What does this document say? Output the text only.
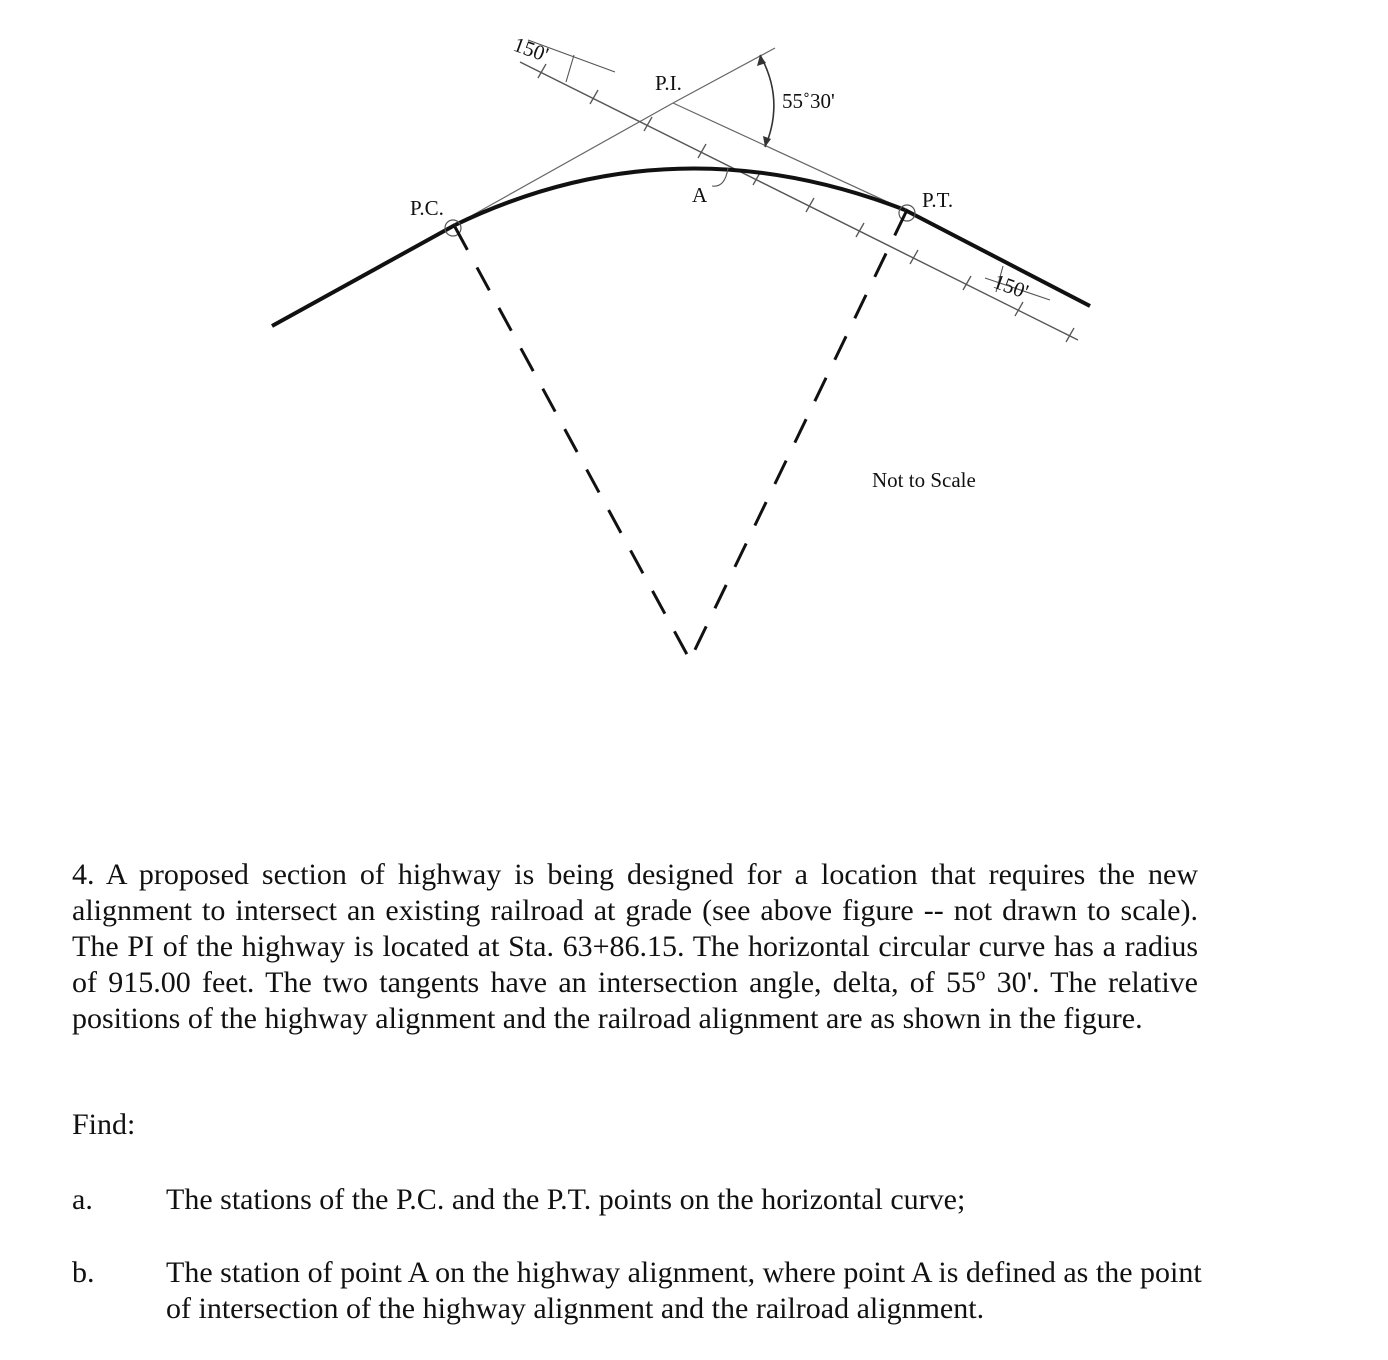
P.I.
P.C.	P.T.
A
55˚30'
150'
150'
Not to Scale

4. A proposed section of highway is being designed for a location that requires the new alignment to intersect an existing railroad at grade (see above figure -- not drawn to scale). The PI of the highway is located at Sta. 63+86.15. The horizontal circular curve has a radius of 915.00 feet. The two tangents have an intersection angle, delta, of 55º 30'. The relative positions of the highway alignment and the railroad alignment are as shown in the figure.

Find:

a. The stations of the P.C. and the P.T. points on the horizontal curve;
b. The station of point A on the highway alignment, where point A is defined as the point of intersection of the highway alignment and the railroad alignment.
